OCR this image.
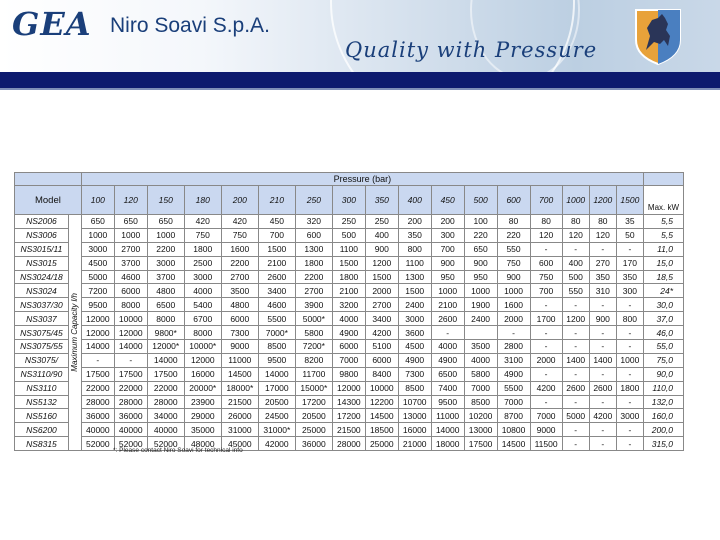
GEA Niro Soavi S.p.A.
Quality with Pressure
		Pressure (bar)																	
Model		100	120	150	180	200	210	250	300	350	400	450	500	600	700	1000	1200	1500	Max. kW
NS2006	Maximum Capacity l/h	650	650	650	420	420	450	320	250	250	200	200	100	80	80	80	80	35	5,5
NS3006		1000	1000	1000	750	750	700	600	500	400	350	300	220	220	120	120	120	50	5,5
NS3015/11		3000	2700	2200	1800	1600	1500	1300	1100	900	800	700	650	550	-	-	-	-	11,0
NS3015		4500	3700	3000	2500	2200	2100	1800	1500	1200	1100	900	900	750	600	400	270	170	15,0
NS3024/18		5000	4600	3700	3000	2700	2600	2200	1800	1500	1300	950	950	900	750	500	350	350	18,5
NS3024		7200	6000	4800	4000	3500	3400	2700	2100	2000	1500	1000	1000	1000	700	550	310	300	24*
NS3037/30		9500	8000	6500	5400	4800	4600	3900	3200	2700	2400	2100	1900	1600	-	-	-	-	30,0
NS3037		12000	10000	8000	6700	6000	5500	5000*	4000	3400	3000	2600	2400	2000	1700	1200	900	800	37,0
NS3075/45		12000	12000	9800*	8000	7300	7000*	5800	4900	4200	3600	-		-	-	-	-	-	46,0
NS3075/55		14000	14000	12000*	10000*	9000	8500	7200*	6000	5100	4500	4000	3500	2800	-	-	-	-	55,0
NS3075/		-	-	14000	12000	11000	9500	8200	7000	6000	4900	4900	4000	3100	2000	1400	1400	1000	75,0
NS3110/90		17500	17500	17500	16000	14500	14000	11700	9800	8400	7300	6500	5800	4900	-	-	-	-	90,0
NS3110		22000	22000	22000	20000*	18000*	17000	15000*	12000	10000	8500	7400	7000	5500	4200	2600	2600	1800	110,0
NS5132		28000	28000	28000	23900	21500	20500	17200	14300	12200	10700	9500	8500	7000	-	-	-	-	132,0
NS5160		36000	36000	34000	29000	26000	24500	20500	17200	14500	13000	11000	10200	8700	7000	5000	4200	3000	160,0
NS6200		40000	40000	40000	35000	31000	31000*	25000	21500	18500	16000	14000	13000	10800	9000	-	-	-	200,0
NS8315		52000	52000	52000	48000	45000	42000	36000	28000	25000	21000	18000	17500	14500	11500	-	-	-	315,0
*: Please contact Niro Soavi for technical info
